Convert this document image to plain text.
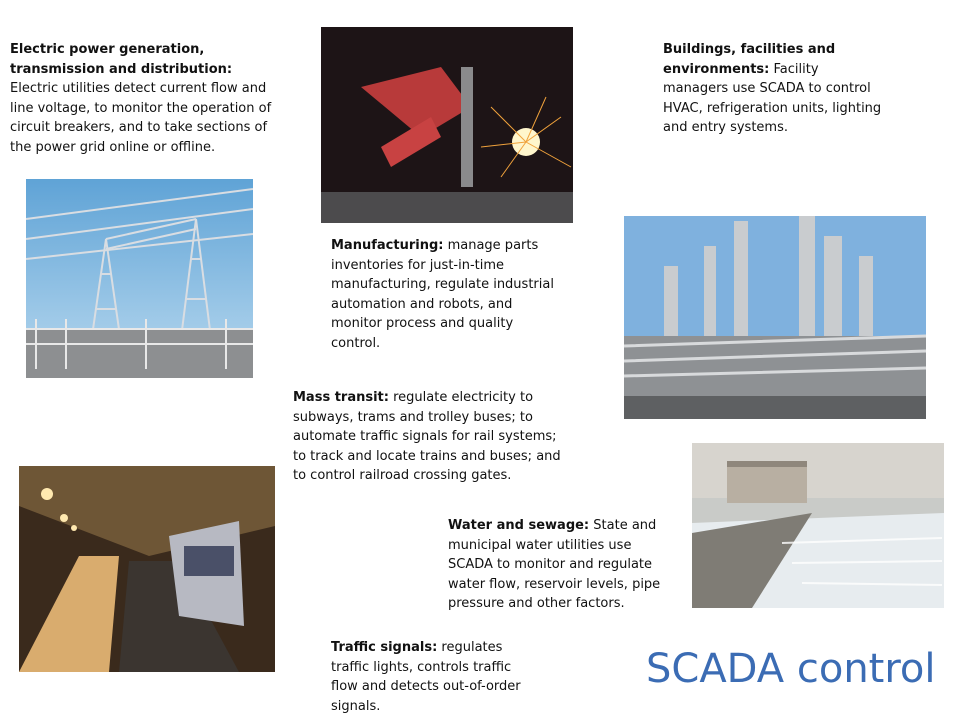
Electric power generation, transmission and distribution: Electric utilities detect current flow and line voltage, to monitor the operation of circuit breakers, and to take sections of the power grid online or offline.
Buildings, facilities and environments: Facility managers use SCADA to control HVAC, refrigeration units, lighting and entry systems.
Manufacturing: manage parts inventories for just-in-time manufacturing, regulate industrial automation and robots, and monitor process and quality control.
Mass transit: regulate electricity to subways, trams and trolley buses; to automate traffic signals for rail systems; to track and locate trains and buses; and to control railroad crossing gates.
Water and sewage: State and municipal water utilities use SCADA to monitor and regulate water flow, reservoir levels, pipe pressure and other factors.
Traffic signals: regulates traffic lights, controls traffic flow and detects out-of-order signals.
SCADA control
